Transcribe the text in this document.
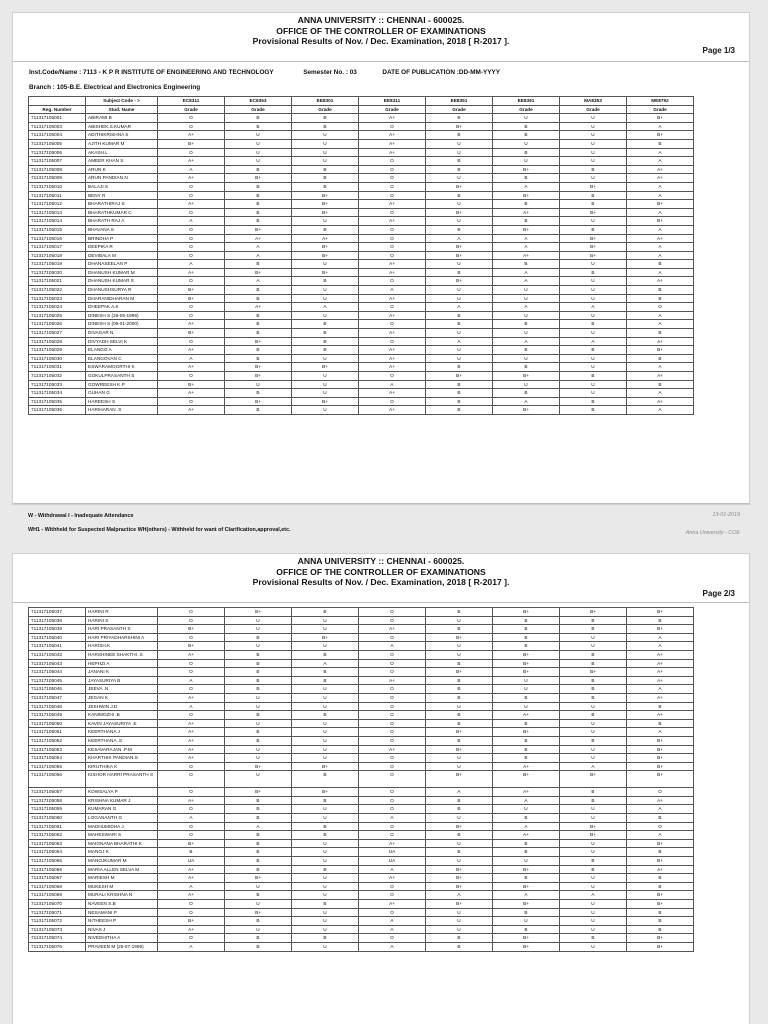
ANNA UNIVERSITY :: CHENNAI - 600025.
OFFICE OF THE CONTROLLER OF EXAMINATIONS
Provisional Results of Nov. / Dec. Examination, 2018 [ R-2017 ].
Page 1/3
Inst.Code/Name : 7113 - K P R INSTITUTE OF ENGINEERING AND TECHNOLOGY	Semester No. : 03	DATE OF PUBLICATION :DD-MM-YYYY
Branch : 105-B.E. Electrical and Electronics Engineering
	Subject Code - >	EC8311	EC8353	EE8301	EE8311	EE8351	EE8391	MA8353	ME8792
Reg. Number	Stud. Name	Grade	Grade	Grade	Grade	Grade	Grade	Grade	Grade
711317105001	ABIRAMI B	O	B	B	A+	B	U	U	B+
711317105003	ABISHEK.S.KUMAR	O	B	B	O	B+	B	U	A
711317105004	ADITHIKRISHNA S	A+	U	U	A+	B	B	U	B+
711317105005	AJITH KUMAR M	B+	U	U	A+	U	U	U	B
711317105006	AKASH.L	O	U	U	A+	U	B	U	A
711317105007	AMEER KHAN S	A+	U	U	O	B	U	U	A
711317105008	ARUN K	A	B	B	O	B	B+	B	A+
711317105009	ARUN PANDIAN N	A+	B+	B	O	U	B	U	A+
711317105010	BALAJI S	O	B	B	O	B+	A	B+	A
711317105011	BENY R	O	B	B+	O	B	B+	B	A
711317105012	BHARATHIRAJ S	A+	B	B+	A+	U	B	B	B+
711317105013	BHARATHKUMAR C	O	B	B+	O	B+	A+	B+	A
711317105014	BHARATH RAJ A	A	B	U	A+	U	B	U	B+
711317105015	BHAVANA S	O	B+	B	O	B	B+	B	A
711317105016	BRINDHA P	O	A+	A+	O	A	A	B+	A+
711317105017	DEEPIKA R	O	A	B+	O	B+	A	B+	A
711317105018	DEVIBALA M	O	A	B+	O	B+	A+	B+	A
711317105019	DHANASEELAN P	A	B	U	A+	U	B	U	B
711317105020	DHANUSH KUMAR M	A+	B+	B+	A+	B	A	B	A
711317105021	DHANUSH KUMAR S	O	A	B	O	B+	A	U	A+
711317105022	DHANUSHSURYA R	B+	B	U	A	U	U	U	B
711317105023	DHARANIDHARAN M	B+	B	U	A+	U	U	U	B
711317105024	DHEEPAK A.K	O	A+	A	O	A	A	A	O
711317105025	DINESH S (28-05-1999)	O	B	U	A+	B	U	U	A
711317105026	DINESH S (09-01-2000)	A+	B	B	O	B	B	B	A
711317105027	DIVAGAR N	B+	B	B	A+	U	U	U	B
711317105028	DIVYADH SELVI K	O	B+	B	O	A	A	A	A+
711317105029	ELANGO A	A+	B	B	A+	U	B	B	B+
711317105030	ELANGOVAN C	A	B	U	A+	U	U	U	B
711317105031	ESWARAMOORTHI K	A+	B+	B+	A+	B	B	U	A
711317105032	GOKULPRASANTH S	O	B+	U	O	B+	B+	B	A+
711317105033	GOWREESH K.P	B+	U	U	A	B	U	U	B
711317105034	GUHAN G	A+	B	U	A+	B	B	U	A
711317105035	HAREESH S	O	B+	B+	O	B	A	B	A+
711317105036	HARIHARAN .S	A+	B	U	A+	B	B+	B	A
W - Withdrawal I - Inadequate Attendance
WH1 - Withheld for Suspected Malpractice WH(others) - Withheld for want of Clarification,approval,etc.
13-01-2019
Anna University - COE
ANNA UNIVERSITY :: CHENNAI - 600025.
OFFICE OF THE CONTROLLER OF EXAMINATIONS
Provisional Results of Nov. / Dec. Examination, 2018 [ R-2017 ].
Page 2/3
711317105037	HARINI R	O	B+	B	O	B	B+	B+	B+
711317105038	HARINI S	O	U	U	O	U	B	B	B
711317105039	HARI PRASANTH S	B+	U	U	A+	B	B	B	B+
711317105040	HARI PRIYADHARSHINI A	O	B	B+	O	B+	B	U	A
711317105041	HARISH.K	B+	U	U	A	U	B	U	A
711317105042	HARSHINEE SHAKTHI .S	A+	B	B	O	U	B+	B	A+
711317105043	HEPHZI A	O	B	A	O	B	B+	B	A+
711317105044	JANANI K	O	B	B	O	B+	B+	B+	A+
711317105045	JAYASURIYA B	A	B	B	A+	B	U	B	A+
711317105046	JEEVA .N	O	B	U	O	B	U	B	A
711317105047	JEGAN K	A+	U	U	O	B	B	B	A+
711317105048	JESHWIN J.D	A	U	U	O	U	U	U	B
711317105049	KANIMOZHI .B	O	B	B	O	B	A+	B	A+
711317105050	KAVIN JAYASURIYA .E	A+	U	U	O	B	B	U	B
711317105051	KEERTHANA J	A+	B	U	O	B+	B+	U	A
711317105052	KEERTHANA .S	A+	B	U	O	B	B	B	B+
711317105053	KESAVARAJAN .P.M	A+	U	U	A+	B+	B	U	B+
711317105054	KHARTHIK PANDIAN.S	A+	U	U	O	U	B	U	B+
711317105055	KIRUTHIKA K	O	B+	B+	O	U	A+	A	B+
711317105056	KISHOR HARRI PRASANTH S	O	U	B	O	B+	B+	B+	B+
711317105057	KOWSALYA P	O	B+	B+	O	A	A+	B	O
711317105058	KRISHNA KUMAR J	A+	B	B	O	B	A	B	A+
711317105059	KUMARAN G	O	B	U	O	B	U	U	A
711317105060	LOGANANTH G	A	B	U	A	U	B	U	B
711317105061	MADHUMIDHA J	O	A	B	O	B+	A	B+	O
711317105062	MAHESWARI S	O	B	B	O	B	A+	B+	A
711317105063	MAIGNANA BHARATHI K	B+	B	U	A+	U	B	U	B+
711317105064	MANOJ K	B	B	U	UA	B	B	U	B
711317105065	MANOJKUMAR M	UA	B	U	UA	U	U	B	B+
711317105066	MARIA ALLEN SELVA M	A+	B	B	A	B+	B+	B	A+
711317105067	MARIESH M	A+	B+	U	A+	B+	B	U	B
711317105068	MUKESH M	A	U	U	O	B+	B+	U	B
711317105069	MURALI KRISHNA N	A+	B	U	O	A	A	A	B+
711317105070	NAVEEN S.B	O	U	B	A+	B+	B+	U	B+
711317105071	NESAMANI P	O	B+	U	O	U	B	U	B
711317105072	NITHEESH P	B+	B	U	A	U	U	U	B
711317105073	NIVAS J	A+	U	U	A	U	B	U	B
711317105074	NIVEDHITHA A	O	B	B	O	B	B+	B	B+
711317105076	PRAVEEN M (25-07-1999)	A	B	U	A	B	B+	U	B+
